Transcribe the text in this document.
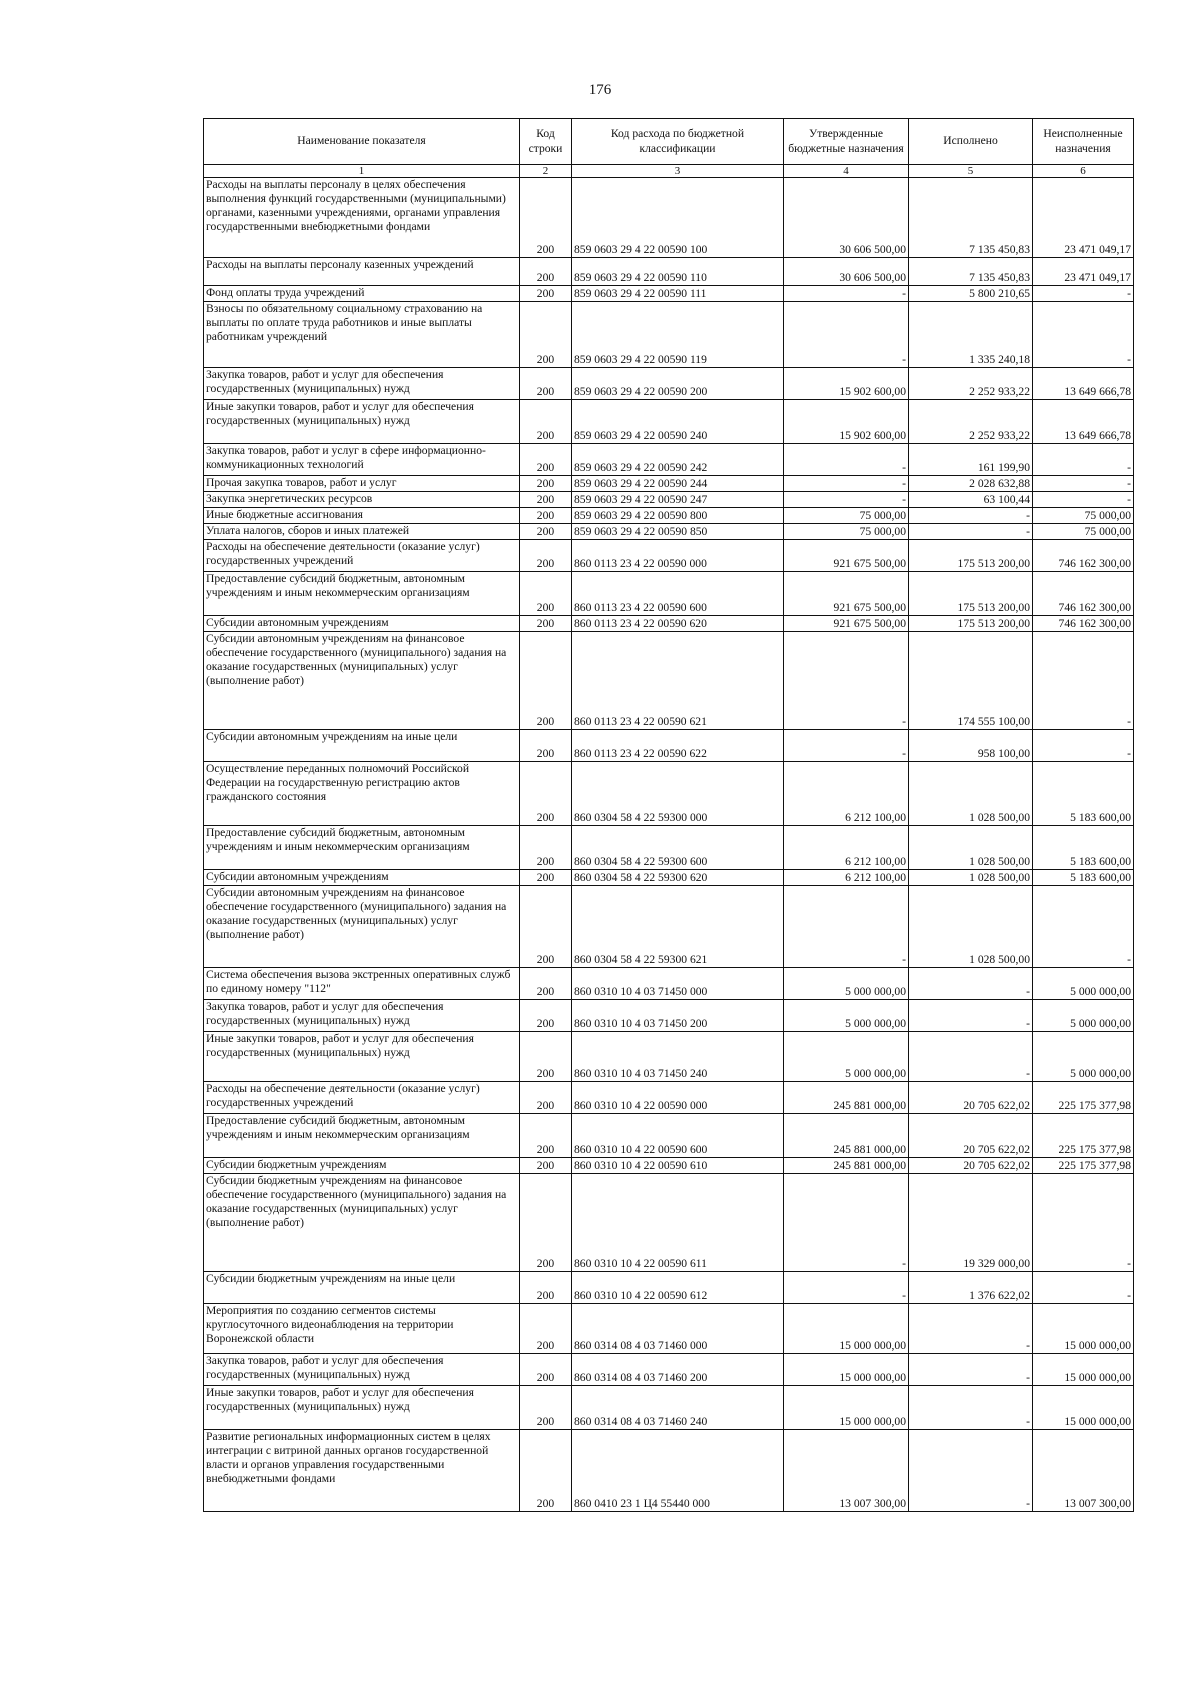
176
Наименование показателя	Код строки	Код расхода по бюджетной классификации	Утвержденные бюджетные назначения	Исполнено	Неисполненные назначения
1	2	3	4	5	6
Расходы на выплаты персоналу в целях обеспечения выполнения функций государственными (муниципальными) органами, казенными учреждениями, органами управления государственными внебюджетными фондами	200	859 0603 29 4 22 00590 100	30 606 500,00	7 135 450,83	23 471 049,17
Расходы на выплаты персоналу казенных учреждений	200	859 0603 29 4 22 00590 110	30 606 500,00	7 135 450,83	23 471 049,17
Фонд оплаты труда учреждений	200	859 0603 29 4 22 00590 111	-	5 800 210,65	-
Взносы по обязательному социальному страхованию на выплаты по оплате труда работников и иные выплаты работникам учреждений	200	859 0603 29 4 22 00590 119	-	1 335 240,18	-
Закупка товаров, работ и услуг для обеспечения государственных (муниципальных) нужд	200	859 0603 29 4 22 00590 200	15 902 600,00	2 252 933,22	13 649 666,78
Иные закупки товаров, работ и услуг для обеспечения государственных (муниципальных) нужд	200	859 0603 29 4 22 00590 240	15 902 600,00	2 252 933,22	13 649 666,78
Закупка товаров, работ и услуг в сфере информационно-коммуникационных технологий	200	859 0603 29 4 22 00590 242	-	161 199,90	-
Прочая закупка товаров, работ и услуг	200	859 0603 29 4 22 00590 244	-	2 028 632,88	-
Закупка энергетических ресурсов	200	859 0603 29 4 22 00590 247	-	63 100,44	-
Иные бюджетные ассигнования	200	859 0603 29 4 22 00590 800	75 000,00	-	75 000,00
Уплата налогов, сборов и иных платежей	200	859 0603 29 4 22 00590 850	75 000,00	-	75 000,00
Расходы на обеспечение деятельности (оказание услуг) государственных учреждений	200	860 0113 23 4 22 00590 000	921 675 500,00	175 513 200,00	746 162 300,00
Предоставление субсидий бюджетным, автономным учреждениям и иным некоммерческим организациям	200	860 0113 23 4 22 00590 600	921 675 500,00	175 513 200,00	746 162 300,00
Субсидии автономным учреждениям	200	860 0113 23 4 22 00590 620	921 675 500,00	175 513 200,00	746 162 300,00
Субсидии автономным учреждениям на финансовое обеспечение государственного (муниципального) задания на оказание государственных (муниципальных) услуг (выполнение работ)	200	860 0113 23 4 22 00590 621	-	174 555 100,00	-
Субсидии автономным учреждениям на иные цели	200	860 0113 23 4 22 00590 622	-	958 100,00	-
Осуществление переданных полномочий Российской Федерации на государственную регистрацию актов гражданского состояния	200	860 0304 58 4 22 59300 000	6 212 100,00	1 028 500,00	5 183 600,00
Предоставление субсидий бюджетным, автономным учреждениям и иным некоммерческим организациям	200	860 0304 58 4 22 59300 600	6 212 100,00	1 028 500,00	5 183 600,00
Субсидии автономным учреждениям	200	860 0304 58 4 22 59300 620	6 212 100,00	1 028 500,00	5 183 600,00
Субсидии автономным учреждениям на финансовое обеспечение государственного (муниципального) задания на оказание государственных (муниципальных) услуг (выполнение работ)	200	860 0304 58 4 22 59300 621	-	1 028 500,00	-
Система обеспечения вызова экстренных оперативных служб по единому номеру "112"	200	860 0310 10 4 03 71450 000	5 000 000,00	-	5 000 000,00
Закупка товаров, работ и услуг для обеспечения государственных (муниципальных) нужд	200	860 0310 10 4 03 71450 200	5 000 000,00	-	5 000 000,00
Иные закупки товаров, работ и услуг для обеспечения государственных (муниципальных) нужд	200	860 0310 10 4 03 71450 240	5 000 000,00	-	5 000 000,00
Расходы на обеспечение деятельности (оказание услуг) государственных учреждений	200	860 0310 10 4 22 00590 000	245 881 000,00	20 705 622,02	225 175 377,98
Предоставление субсидий бюджетным, автономным учреждениям и иным некоммерческим организациям	200	860 0310 10 4 22 00590 600	245 881 000,00	20 705 622,02	225 175 377,98
Субсидии бюджетным учреждениям	200	860 0310 10 4 22 00590 610	245 881 000,00	20 705 622,02	225 175 377,98
Субсидии бюджетным учреждениям на финансовое обеспечение государственного (муниципального) задания на оказание государственных (муниципальных) услуг (выполнение работ)	200	860 0310 10 4 22 00590 611	-	19 329 000,00	-
Субсидии бюджетным учреждениям на иные цели	200	860 0310 10 4 22 00590 612	-	1 376 622,02	-
Мероприятия по созданию сегментов системы круглосуточного видеонаблюдения на территории Воронежской области	200	860 0314 08 4 03 71460 000	15 000 000,00	-	15 000 000,00
Закупка товаров, работ и услуг для обеспечения государственных (муниципальных) нужд	200	860 0314 08 4 03 71460 200	15 000 000,00	-	15 000 000,00
Иные закупки товаров, работ и услуг для обеспечения государственных (муниципальных) нужд	200	860 0314 08 4 03 71460 240	15 000 000,00	-	15 000 000,00
Развитие региональных информационных систем в целях интеграции с витриной данных органов государственной власти и органов управления государственными внебюджетными фондами	200	860 0410 23 1 Ц4 55440 000	13 007 300,00	-	13 007 300,00
